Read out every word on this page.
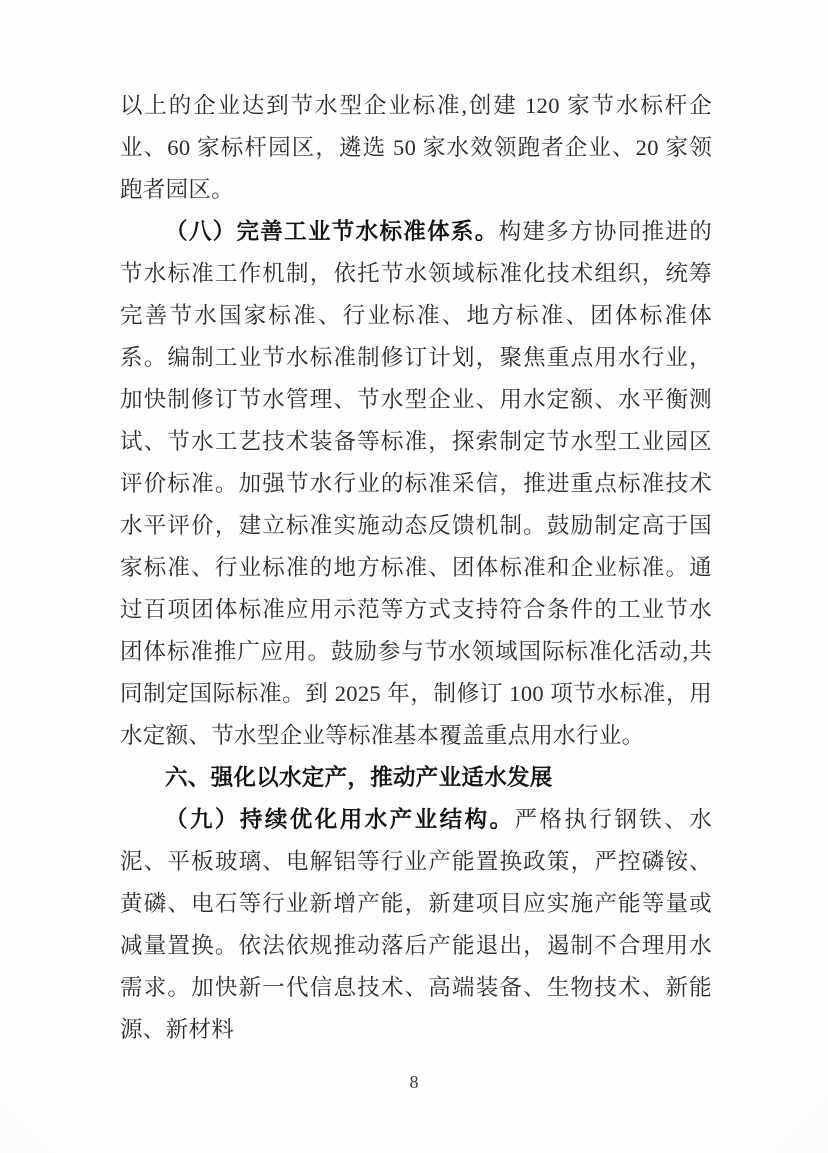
以上的企业达到节水型企业标准,创建 120 家节水标杆企业、60 家标杆园区，遴选 50 家水效领跑者企业、20 家领跑者园区。

（八）完善工业节水标准体系。构建多方协同推进的节水标准工作机制，依托节水领域标准化技术组织，统筹完善节水国家标准、行业标准、地方标准、团体标准体系。编制工业节水标准制修订计划，聚焦重点用水行业，加快制修订节水管理、节水型企业、用水定额、水平衡测试、节水工艺技术装备等标准，探索制定节水型工业园区评价标准。加强节水行业的标准采信，推进重点标准技术水平评价，建立标准实施动态反馈机制。鼓励制定高于国家标准、行业标准的地方标准、团体标准和企业标准。通过百项团体标准应用示范等方式支持符合条件的工业节水团体标准推广应用。鼓励参与节水领域国际标准化活动,共同制定国际标准。到 2025 年，制修订 100 项节水标准，用水定额、节水型企业等标准基本覆盖重点用水行业。

六、强化以水定产，推动产业适水发展

（九）持续优化用水产业结构。严格执行钢铁、水泥、平板玻璃、电解铝等行业产能置换政策，严控磷铵、黄磷、电石等行业新增产能，新建项目应实施产能等量或减量置换。依法依规推动落后产能退出，遏制不合理用水需求。加快新一代信息技术、高端装备、生物技术、新能源、新材料

8
